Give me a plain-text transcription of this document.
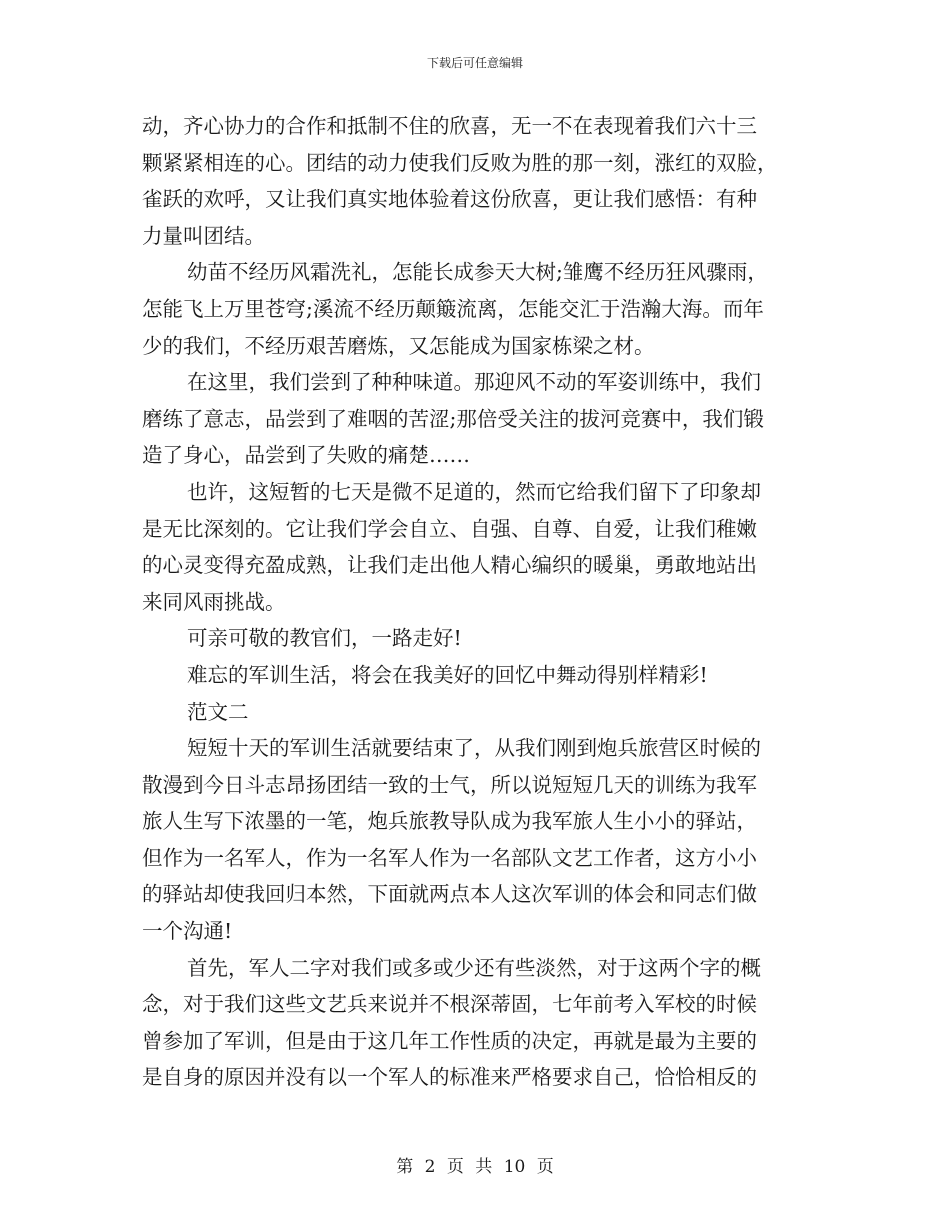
下载后可任意编辑
动，齐心协力的合作和抵制不住的欣喜，无一不在表现着我们六十三
颗紧紧相连的心。团结的动力使我们反败为胜的那一刻，涨红的双脸，
雀跃的欢呼，又让我们真实地体验着这份欣喜，更让我们感悟：有种
力量叫团结。
幼苗不经历风霜洗礼，怎能长成参天大树;雏鹰不经历狂风骤雨，
怎能飞上万里苍穹;溪流不经历颠簸流离，怎能交汇于浩瀚大海。而年
少的我们，不经历艰苦磨炼，又怎能成为国家栋梁之材。
在这里，我们尝到了种种味道。那迎风不动的军姿训练中，我们
磨练了意志，品尝到了难咽的苦涩;那倍受关注的拔河竞赛中，我们锻
造了身心，品尝到了失败的痛楚……
也许，这短暂的七天是微不足道的，然而它给我们留下了印象却
是无比深刻的。它让我们学会自立、自强、自尊、自爱，让我们稚嫩
的心灵变得充盈成熟，让我们走出他人精心编织的暖巢，勇敢地站出
来同风雨挑战。
可亲可敬的教官们，一路走好!
难忘的军训生活，将会在我美好的回忆中舞动得别样精彩!
范文二
短短十天的军训生活就要结束了，从我们刚到炮兵旅营区时候的
散漫到今日斗志昂扬团结一致的士气，所以说短短几天的训练为我军
旅人生写下浓墨的一笔，炮兵旅教导队成为我军旅人生小小的驿站，
但作为一名军人，作为一名军人作为一名部队文艺工作者，这方小小
的驿站却使我回归本然，下面就两点本人这次军训的体会和同志们做
一个沟通!
首先，军人二字对我们或多或少还有些淡然，对于这两个字的概
念，对于我们这些文艺兵来说并不根深蒂固，七年前考入军校的时候
曾参加了军训，但是由于这几年工作性质的决定，再就是最为主要的
是自身的原因并没有以一个军人的标准来严格要求自己，恰恰相反的
第 2 页 共 10 页
